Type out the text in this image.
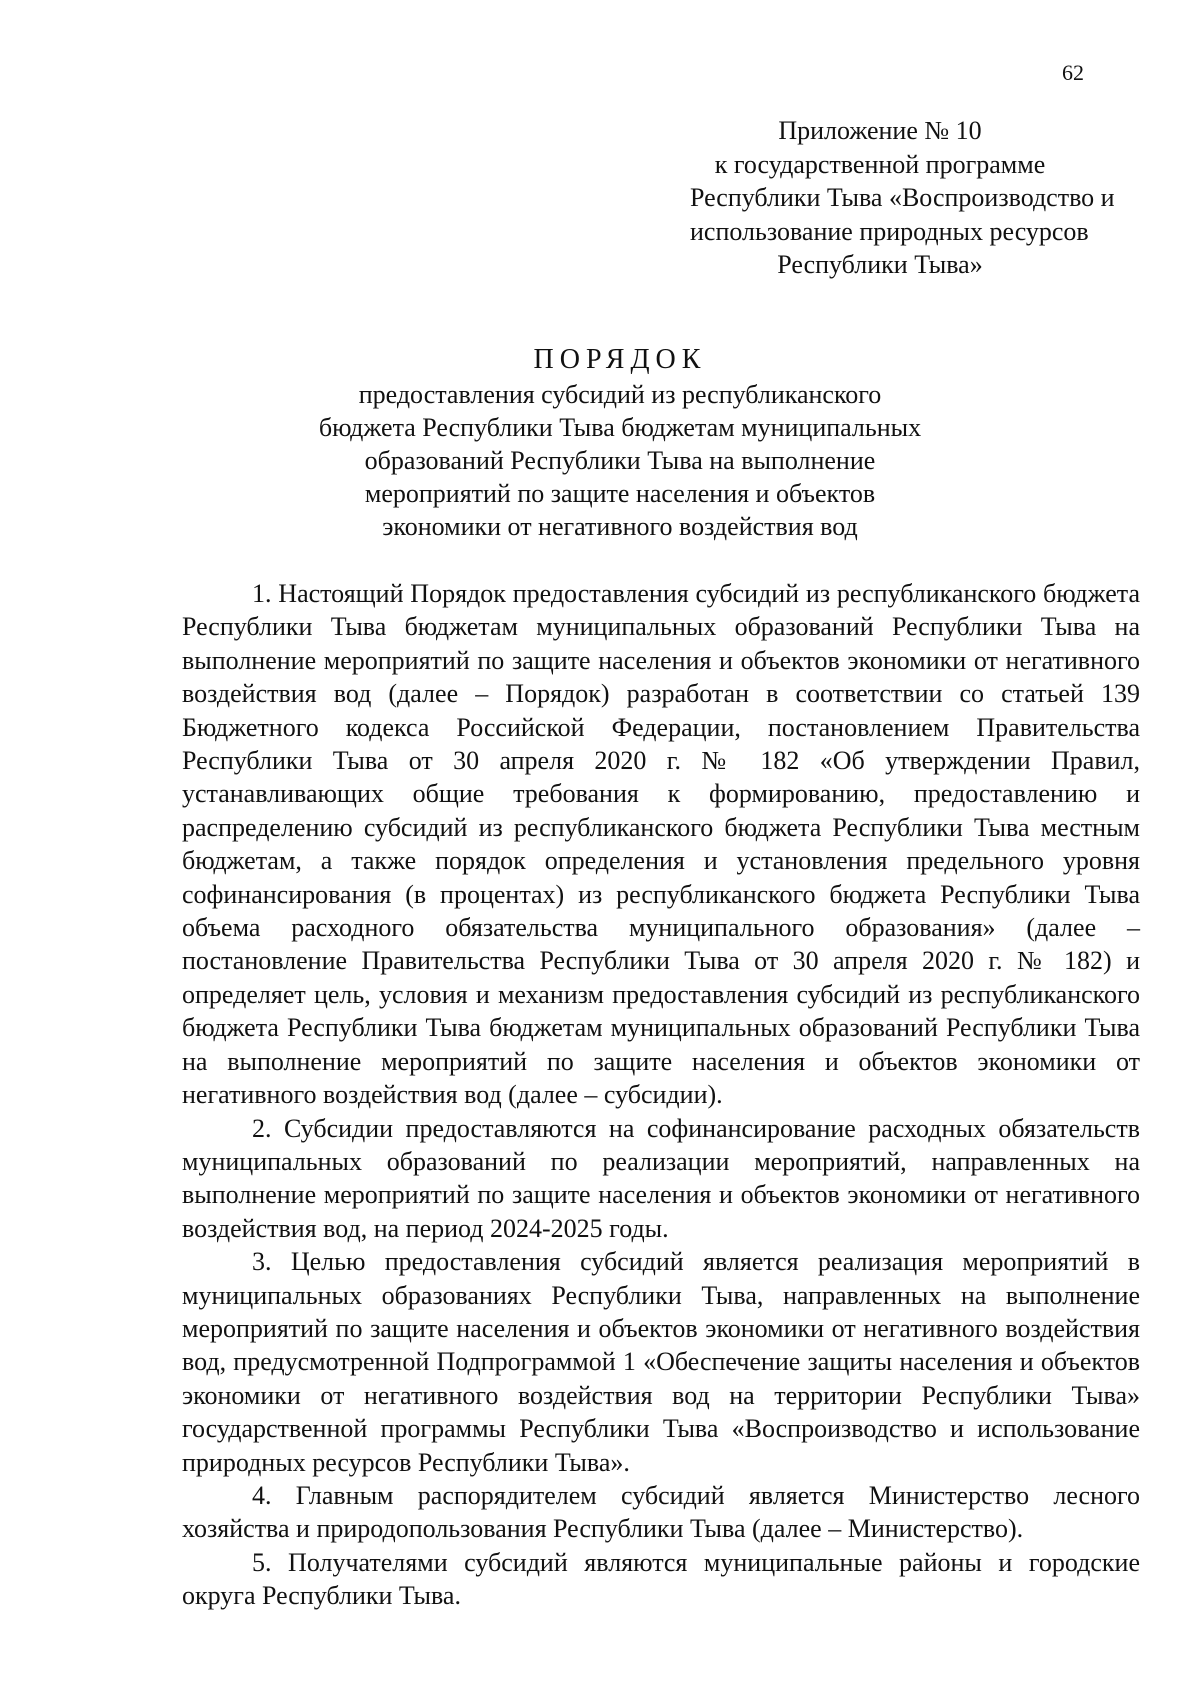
62
Приложение № 10
к государственной программе
Республики Тыва «Воспроизводство и
использование природных ресурсов
Республики Тыва»
ПОРЯДОК
предоставления субсидий из республиканского
бюджета Республики Тыва бюджетам муниципальных
образований Республики Тыва на выполнение
мероприятий по защите населения и объектов
экономики от негативного воздействия вод

1. Настоящий Порядок предоставления субсидий из республиканского бюджета Республики Тыва бюджетам муниципальных образований Республики Тыва на выполнение мероприятий по защите населения и объектов экономики от негативного воздействия вод (далее – Порядок) разработан в соответствии со статьей 139 Бюджетного кодекса Российской Федерации, постановлением Правительства Республики Тыва от 30 апреля 2020 г. № 182 «Об утверждении Правил, устанавливающих общие требования к формированию, предоставлению и распределению субсидий из республиканского бюджета Республики Тыва местным бюджетам, а также порядок определения и установления предельного уровня софинансирования (в процентах) из республиканского бюджета Республики Тыва объема расходного обязательства муниципального образования» (далее – постановление Правительства Республики Тыва от 30 апреля 2020 г. № 182) и определяет цель, условия и механизм предоставления субсидий из республиканского бюджета Республики Тыва бюджетам муниципальных образований Республики Тыва на выполнение мероприятий по защите населения и объектов экономики от негативного воздействия вод (далее – субсидии).

2. Субсидии предоставляются на софинансирование расходных обязательств муниципальных образований по реализации мероприятий, направленных на выполнение мероприятий по защите населения и объектов экономики от негативного воздействия вод, на период 2024-2025 годы.

3. Целью предоставления субсидий является реализация мероприятий в муниципальных образованиях Республики Тыва, направленных на выполнение мероприятий по защите населения и объектов экономики от негативного воздействия вод, предусмотренной Подпрограммой 1 «Обеспечение защиты населения и объектов экономики от негативного воздействия вод на территории Республики Тыва» государственной программы Республики Тыва «Воспроизводство и использование природных ресурсов Республики Тыва».

4. Главным распорядителем субсидий является Министерство лесного хозяйства и природопользования Республики Тыва (далее – Министерство).

5. Получателями субсидий являются муниципальные районы и городские округа Республики Тыва.
